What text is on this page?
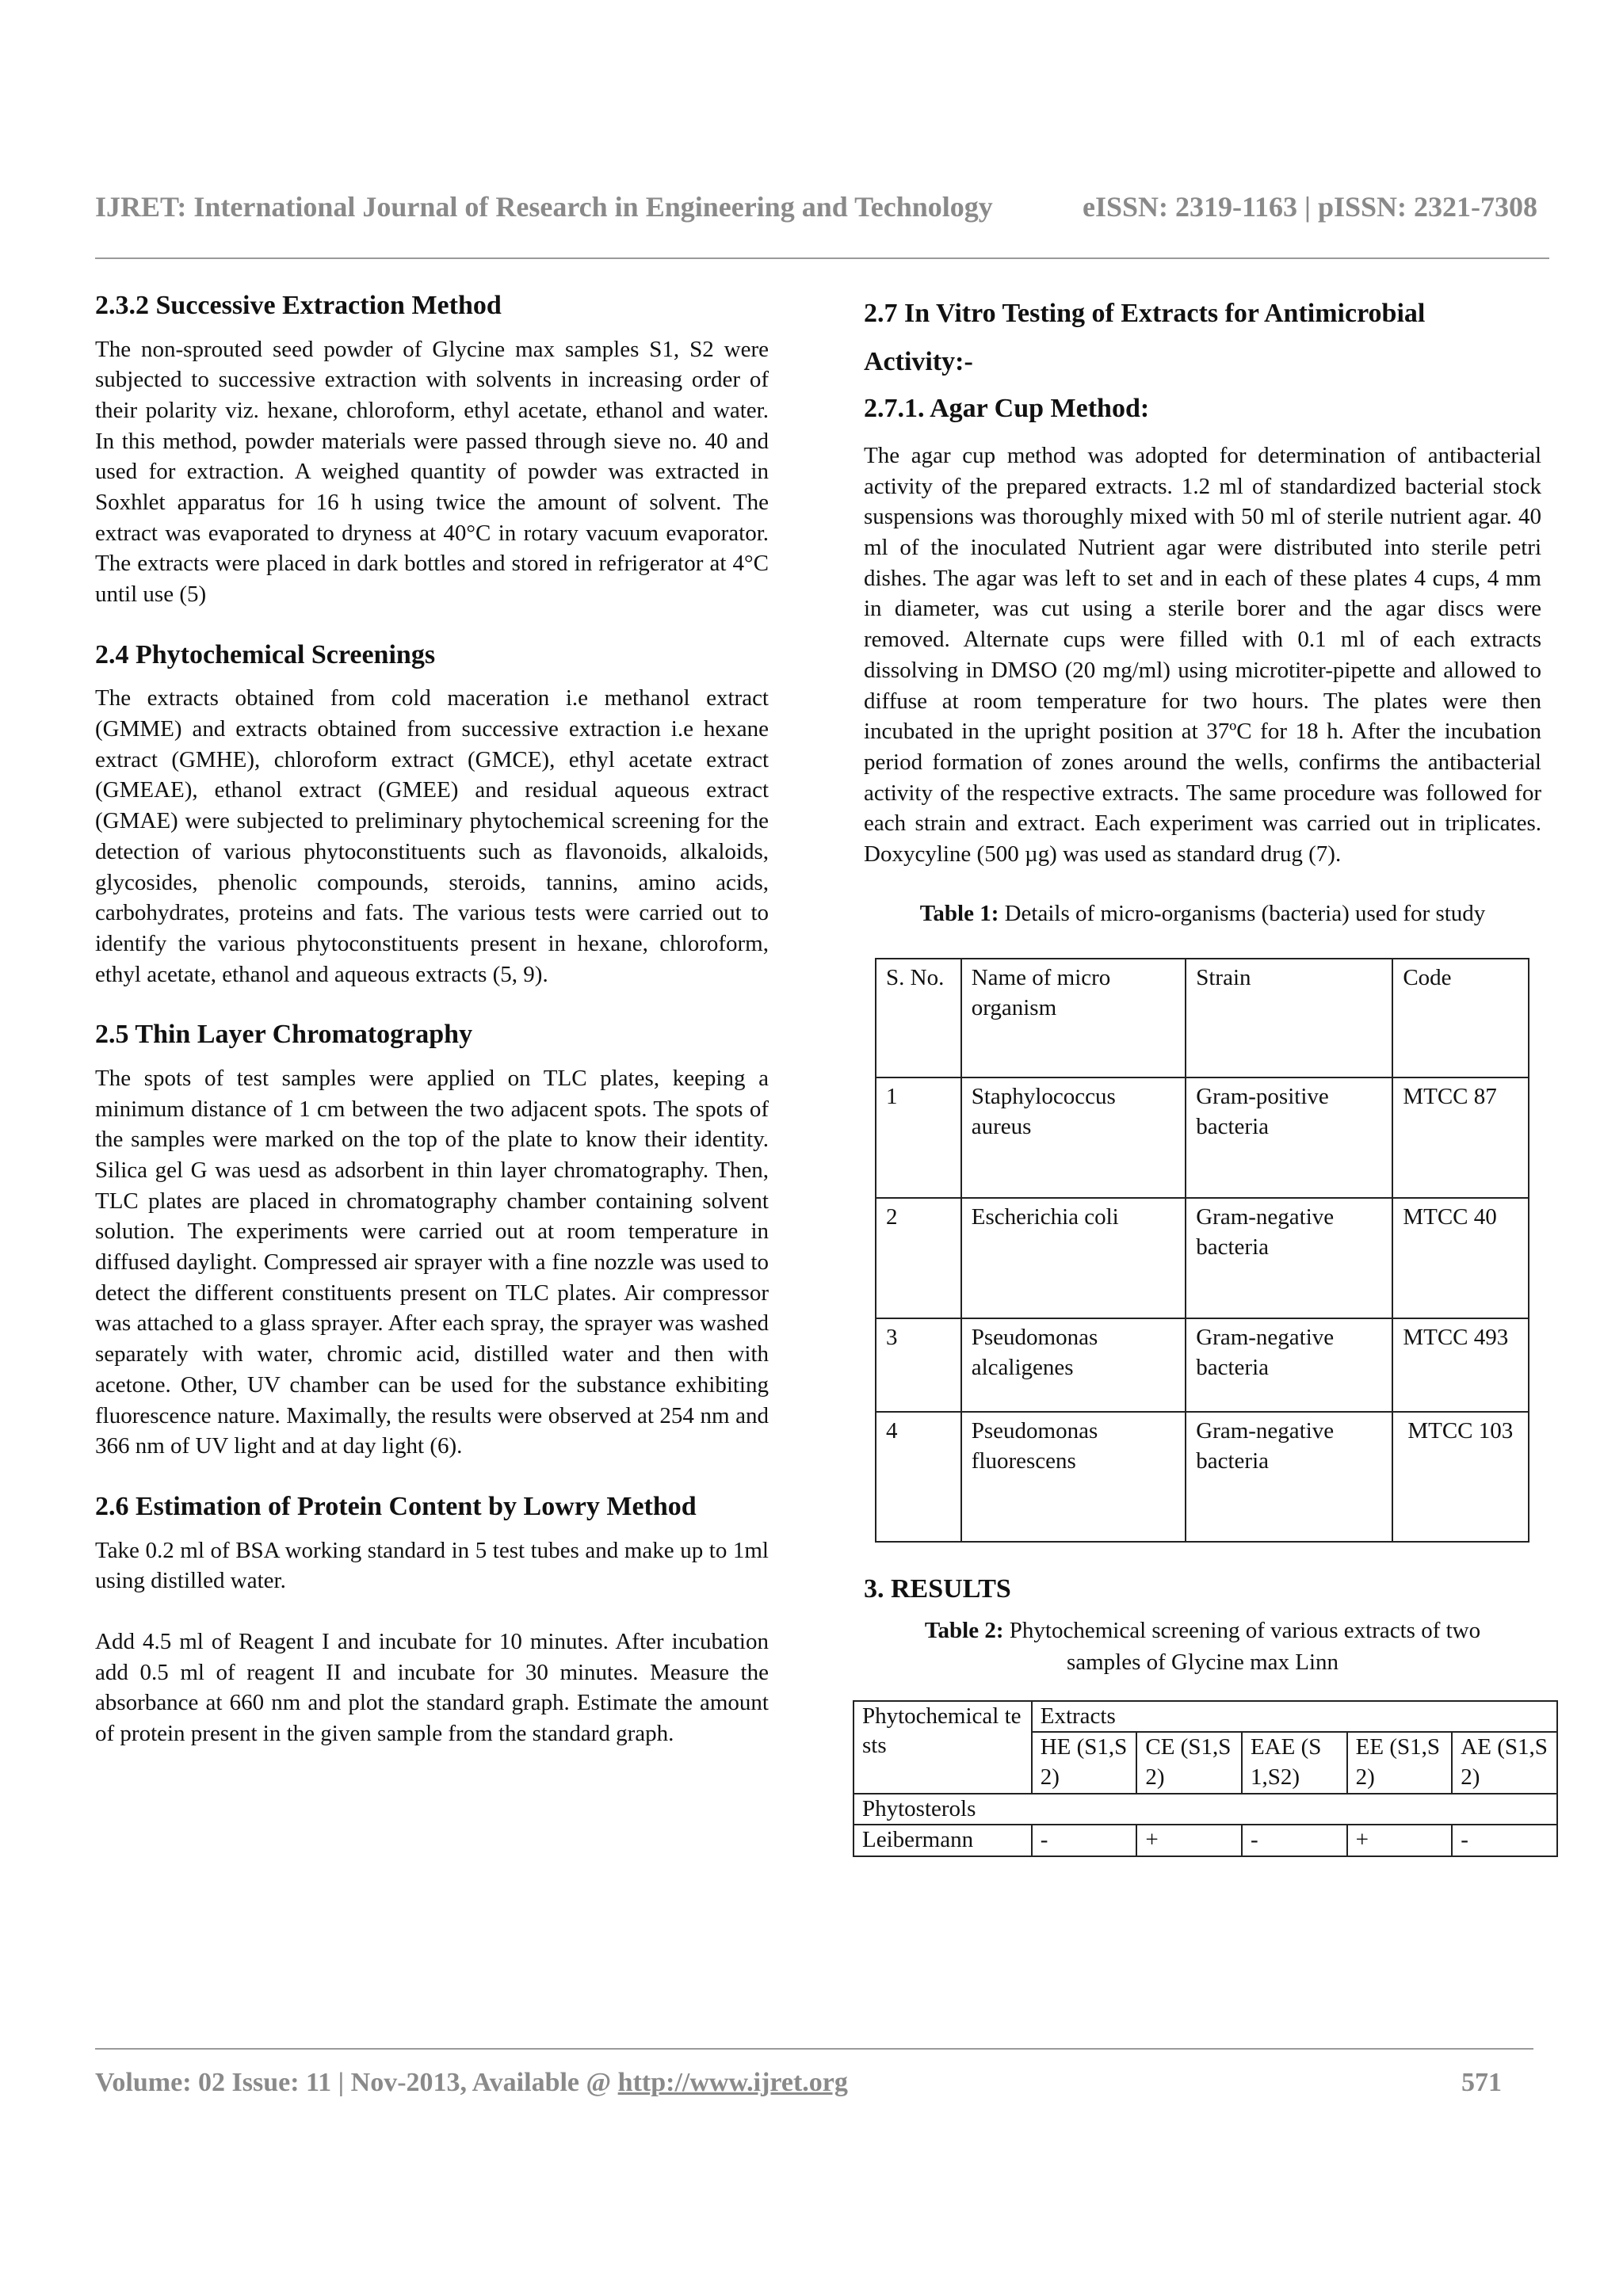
IJRET: International Journal of Research in Engineering and Technology	eISSN: 2319-1163 | pISSN: 2321-7308
2.3.2 Successive Extraction Method

The non-sprouted seed powder of Glycine max samples S1, S2 were subjected to successive extraction with solvents in increasing order of their polarity viz. hexane, chloroform, ethyl acetate, ethanol and water. In this method, powder materials were passed through sieve no. 40 and used for extraction. A weighed quantity of powder was extracted in Soxhlet apparatus for 16 h using twice the amount of solvent. The extract was evaporated to dryness at 40°C in rotary vacuum evaporator. The extracts were placed in dark bottles and stored in refrigerator at 4°C until use (5)

2.4 Phytochemical Screenings

The extracts obtained from cold maceration i.e methanol extract (GMME) and extracts obtained from successive extraction i.e hexane extract (GMHE), chloroform extract (GMCE), ethyl acetate extract (GMEAE), ethanol extract (GMEE) and residual aqueous extract (GMAE) were subjected to preliminary phytochemical screening for the detection of various phytoconstituents such as flavonoids, alkaloids, glycosides, phenolic compounds, steroids, tannins, amino acids, carbohydrates, proteins and fats. The various tests were carried out to identify the various phytoconstituents present in hexane, chloroform, ethyl acetate, ethanol and aqueous extracts (5, 9).

2.5 Thin Layer Chromatography

The spots of test samples were applied on TLC plates, keeping a minimum distance of 1 cm between the two adjacent spots. The spots of the samples were marked on the top of the plate to know their identity. Silica gel G was uesd as adsorbent in thin layer chromatography. Then, TLC plates are placed in chromatography chamber containing solvent solution. The experiments were carried out at room temperature in diffused daylight. Compressed air sprayer with a fine nozzle was used to detect the different constituents present on TLC plates. Air compressor was attached to a glass sprayer. After each spray, the sprayer was washed separately with water, chromic acid, distilled water and then with acetone. Other, UV chamber can be used for the substance exhibiting fluorescence nature. Maximally, the results were observed at 254 nm and 366 nm of UV light and at day light (6).

2.6 Estimation of Protein Content by Lowry Method

Take 0.2 ml of BSA working standard in 5 test tubes and make up to 1ml using distilled water.

Add 4.5 ml of Reagent I and incubate for 10 minutes. After incubation add 0.5 ml of reagent II and incubate for 30 minutes. Measure the absorbance at 660 nm and plot the standard graph. Estimate the amount of protein present in the given sample from the standard graph.

2.7 In Vitro Testing of Extracts for Antimicrobial
Activity:-
2.7.1. Agar Cup Method:

The agar cup method was adopted for determination of antibacterial activity of the prepared extracts. 1.2 ml of standardized bacterial stock suspensions was thoroughly mixed with 50 ml of sterile nutrient agar. 40 ml of the inoculated Nutrient agar were distributed into sterile petri dishes. The agar was left to set and in each of these plates 4 cups, 4 mm in diameter, was cut using a sterile borer and the agar discs were removed. Alternate cups were filled with 0.1 ml of each extracts dissolving in DMSO (20 mg/ml) using microtiter-pipette and allowed to diffuse at room temperature for two hours. The plates were then incubated in the upright position at 37ºC for 18 h. After the incubation period formation of zones around the wells, confirms the antibacterial activity of the respective extracts. The same procedure was followed for each strain and extract. Each experiment was carried out in triplicates. Doxycyline (500 µg) was used as standard drug (7).

Table 1: Details of micro-organisms (bacteria) used for study
S. No.	Name of micro organism	Strain	Code
1	Staphylococcus aureus	Gram-positive bacteria	MTCC 87
2	Escherichia coli	Gram-negative bacteria	MTCC 40
3	Pseudomonas alcaligenes	Gram-negative bacteria	MTCC 493
4	Pseudomonas fluorescens	Gram-negative bacteria	MTCC 103
3. RESULTS
Table 2: Phytochemical screening of various extracts of two samples of Glycine max Linn
Phytochemical tests	Extracts				
	HE (S1,S2)	CE (S1,S2)	EAE (S1,S2)	EE (S1,S2)	AE (S1,S2)
Phytosterols					
Leibermann	-	+	-	+	-
Volume: 02 Issue: 11 | Nov-2013, Available @ http://www.ijret.org	571
